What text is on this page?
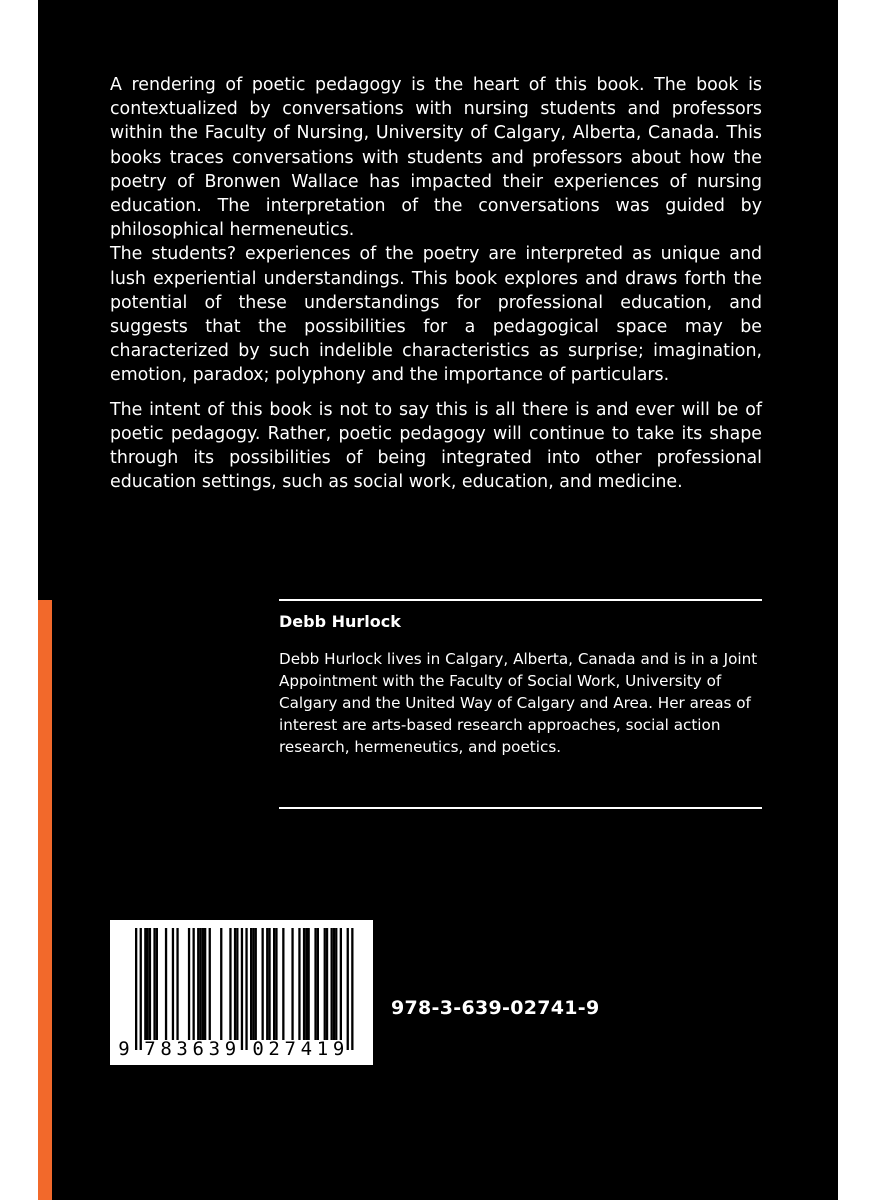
A rendering of poetic pedagogy is the heart of this book. The book is contextualized by conversations with nursing students and professors within the Faculty of Nursing, University of Calgary, Alberta, Canada. This books traces conversations with students and professors about how the poetry of Bronwen Wallace has impacted their experiences of nursing education. The interpretation of the conversations was guided by philosophical hermeneutics.

The students? experiences of the poetry are interpreted as unique and lush experiential understandings. This book explores and draws forth the potential of these understandings for professional education, and suggests that the possibilities for a pedagogical space may be characterized by such indelible characteristics as surprise; imagination, emotion, paradox; polyphony and the importance of particulars.

The intent of this book is not to say this is all there is and ever will be of poetic pedagogy. Rather, poetic pedagogy will continue to take its shape through its possibilities of being integrated into other professional education settings, such as social work, education, and medicine.

Debb Hurlock
Debb Hurlock lives in Calgary, Alberta, Canada and is in a Joint Appointment with the Faculty of Social Work, University of Calgary and the United Way of Calgary and Area. Her areas of interest are arts-based research approaches, social action research, hermeneutics, and poetics.
9 7 8 3 6 3 9 0 2 7 4 1 9
978-3-639-02741-9
